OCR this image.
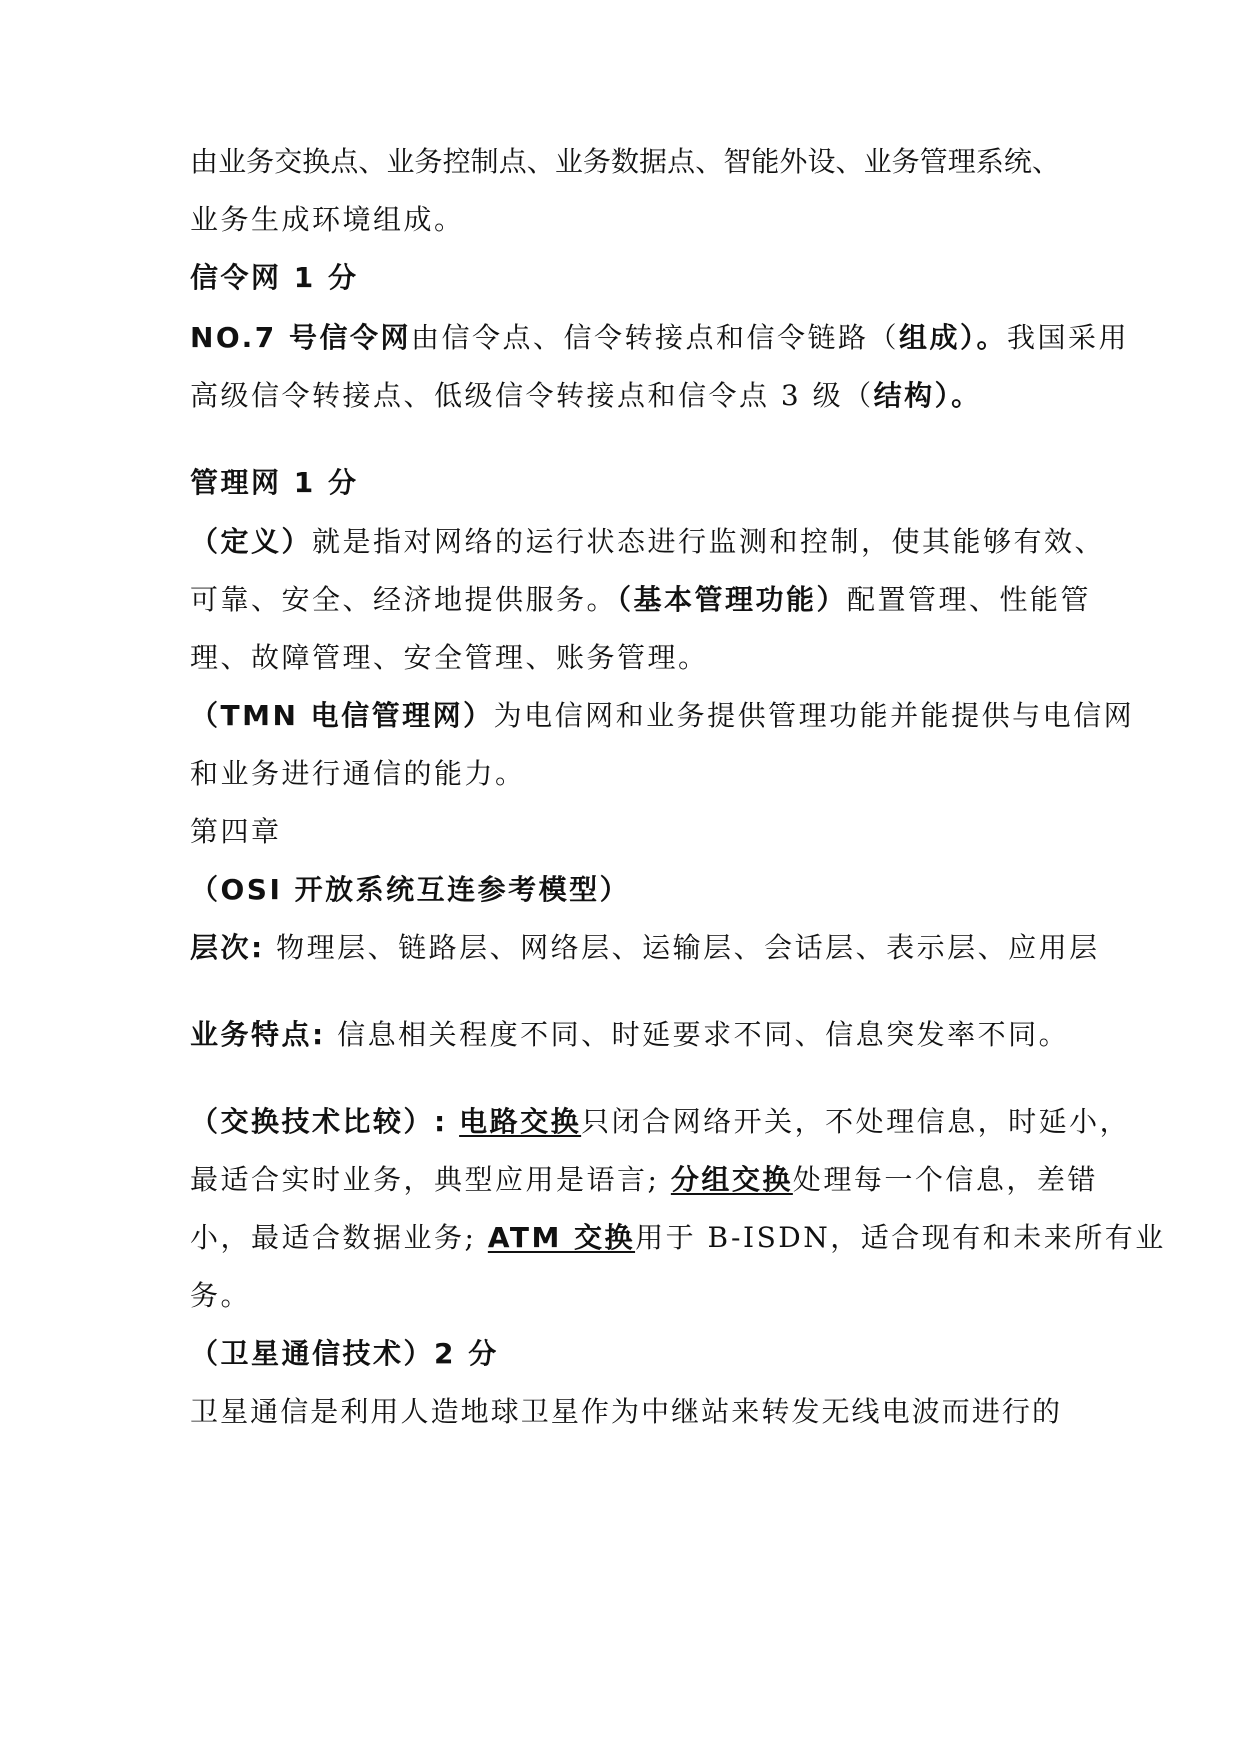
由业务交换点、业务控制点、业务数据点、智能外设、业务管理系统、
业务生成环境组成。
信令网 1 分
NO.7 号信令网由信令点、信令转接点和信令链路（组成）。我国采用
高级信令转接点、低级信令转接点和信令点 3 级（结构）。
管理网 1 分
（定义）就是指对网络的运行状态进行监测和控制，使其能够有效、
可靠、安全、经济地提供服务。（基本管理功能）配置管理、性能管
理、故障管理、安全管理、账务管理。
（TMN 电信管理网）为电信网和业务提供管理功能并能提供与电信网
和业务进行通信的能力。
第四章
（OSI 开放系统互连参考模型）
层次: 物理层、链路层、网络层、运输层、会话层、表示层、应用层
业务特点: 信息相关程度不同、时延要求不同、信息突发率不同。
（交换技术比较）: 电路交换只闭合网络开关，不处理信息，时延小，
最适合实时业务，典型应用是语言; 分组交换处理每一个信息，差错
小，最适合数据业务; ATM 交换用于 B-ISDN，适合现有和未来所有业
务。
（卫星通信技术）2 分
卫星通信是利用人造地球卫星作为中继站来转发无线电波而进行的
